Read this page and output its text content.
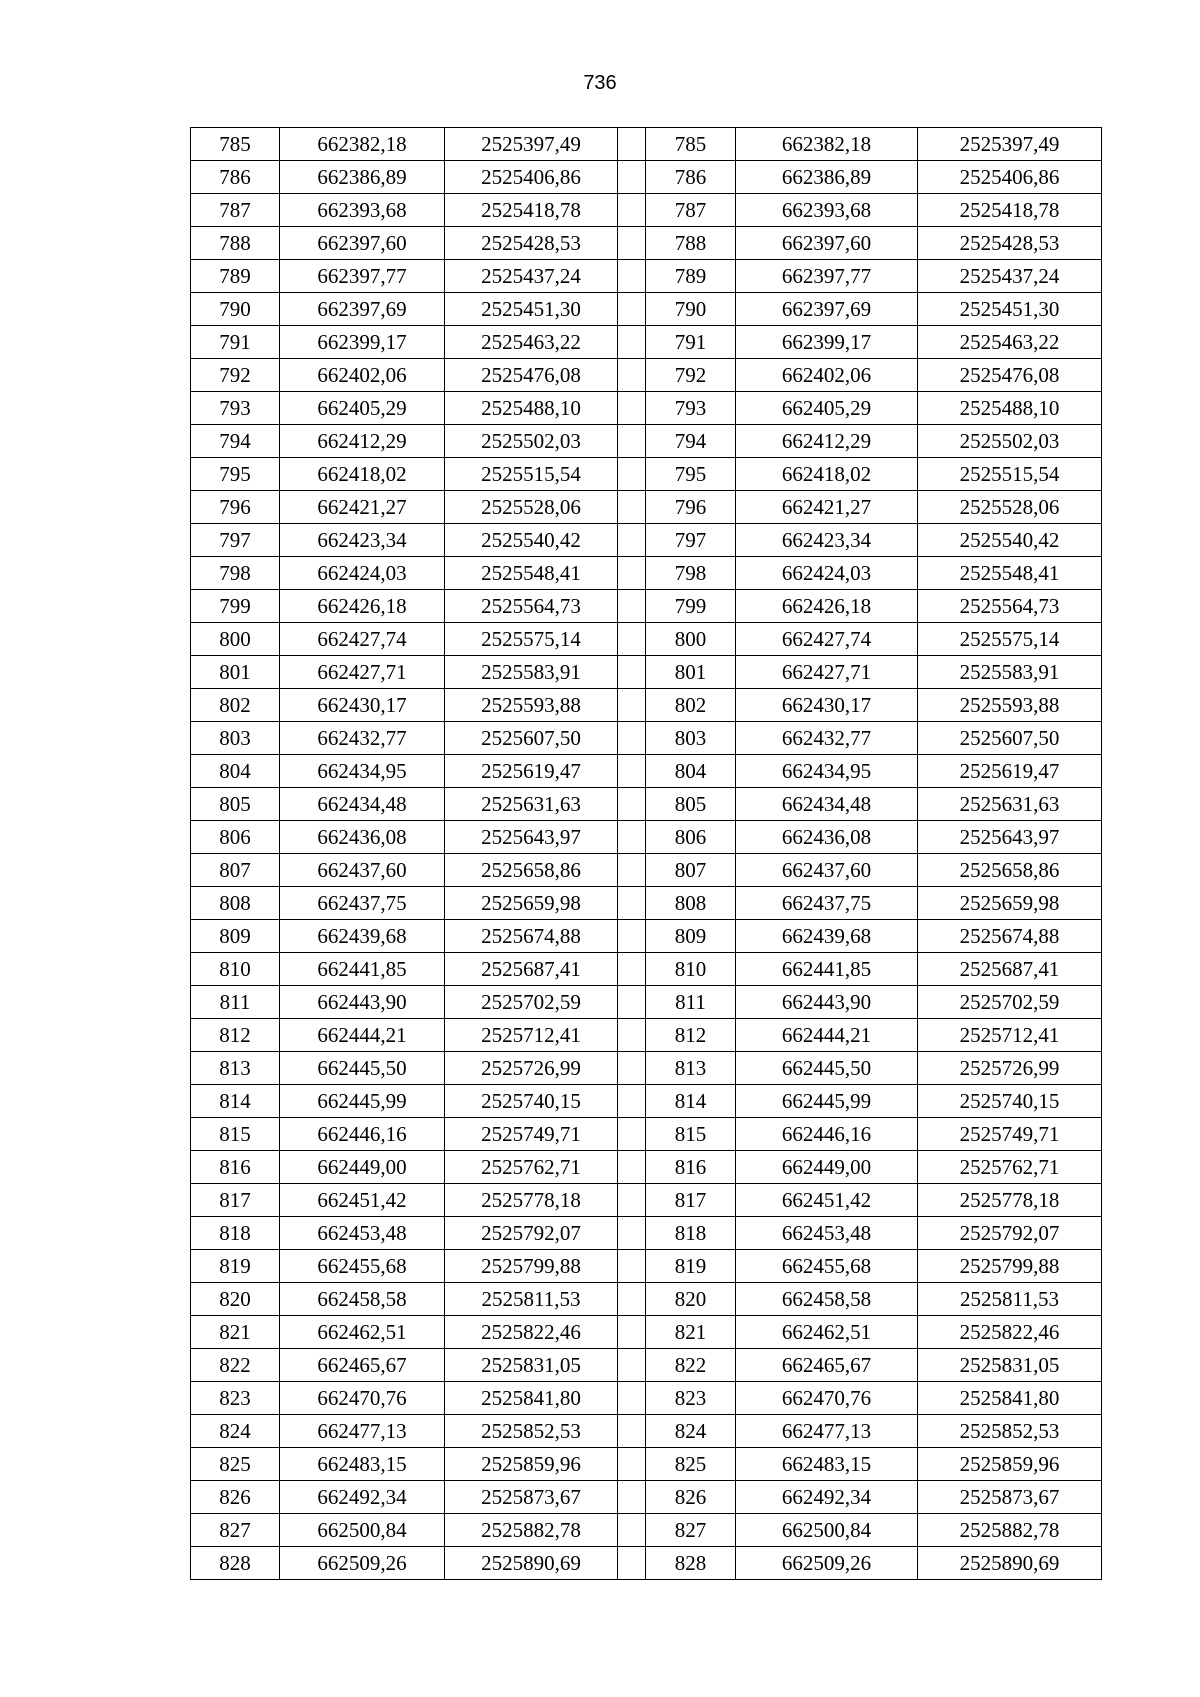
736
785	662382,18	2525397,49		785	662382,18	2525397,49
786	662386,89	2525406,86		786	662386,89	2525406,86
787	662393,68	2525418,78		787	662393,68	2525418,78
788	662397,60	2525428,53		788	662397,60	2525428,53
789	662397,77	2525437,24		789	662397,77	2525437,24
790	662397,69	2525451,30		790	662397,69	2525451,30
791	662399,17	2525463,22		791	662399,17	2525463,22
792	662402,06	2525476,08		792	662402,06	2525476,08
793	662405,29	2525488,10		793	662405,29	2525488,10
794	662412,29	2525502,03		794	662412,29	2525502,03
795	662418,02	2525515,54		795	662418,02	2525515,54
796	662421,27	2525528,06		796	662421,27	2525528,06
797	662423,34	2525540,42		797	662423,34	2525540,42
798	662424,03	2525548,41		798	662424,03	2525548,41
799	662426,18	2525564,73		799	662426,18	2525564,73
800	662427,74	2525575,14		800	662427,74	2525575,14
801	662427,71	2525583,91		801	662427,71	2525583,91
802	662430,17	2525593,88		802	662430,17	2525593,88
803	662432,77	2525607,50		803	662432,77	2525607,50
804	662434,95	2525619,47		804	662434,95	2525619,47
805	662434,48	2525631,63		805	662434,48	2525631,63
806	662436,08	2525643,97		806	662436,08	2525643,97
807	662437,60	2525658,86		807	662437,60	2525658,86
808	662437,75	2525659,98		808	662437,75	2525659,98
809	662439,68	2525674,88		809	662439,68	2525674,88
810	662441,85	2525687,41		810	662441,85	2525687,41
811	662443,90	2525702,59		811	662443,90	2525702,59
812	662444,21	2525712,41		812	662444,21	2525712,41
813	662445,50	2525726,99		813	662445,50	2525726,99
814	662445,99	2525740,15		814	662445,99	2525740,15
815	662446,16	2525749,71		815	662446,16	2525749,71
816	662449,00	2525762,71		816	662449,00	2525762,71
817	662451,42	2525778,18		817	662451,42	2525778,18
818	662453,48	2525792,07		818	662453,48	2525792,07
819	662455,68	2525799,88		819	662455,68	2525799,88
820	662458,58	2525811,53		820	662458,58	2525811,53
821	662462,51	2525822,46		821	662462,51	2525822,46
822	662465,67	2525831,05		822	662465,67	2525831,05
823	662470,76	2525841,80		823	662470,76	2525841,80
824	662477,13	2525852,53		824	662477,13	2525852,53
825	662483,15	2525859,96		825	662483,15	2525859,96
826	662492,34	2525873,67		826	662492,34	2525873,67
827	662500,84	2525882,78		827	662500,84	2525882,78
828	662509,26	2525890,69		828	662509,26	2525890,69
